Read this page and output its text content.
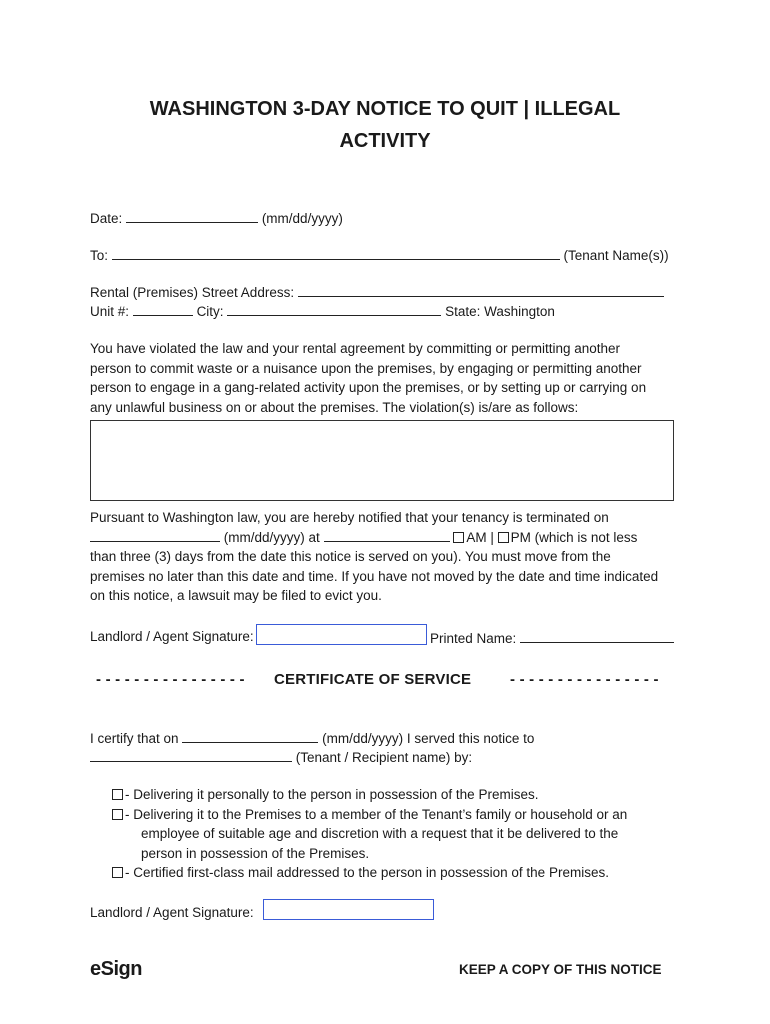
WASHINGTON 3-DAY NOTICE TO QUIT | ILLEGAL
ACTIVITY
Date:	(mm/dd/yyyy)
To:	(Tenant Name(s))
Rental (Premises) Street Address:
Unit #:	City:	State: Washington
You have violated the law and your rental agreement by committing or permitting another
person to commit waste or a nuisance upon the premises, by engaging or permitting another
person to engage in a gang-related activity upon the premises, or by setting up or carrying on
any unlawful business on or about the premises. The violation(s) is/are as follows:
Pursuant to Washington law, you are hereby notified that your tenancy is terminated on
(mm/dd/yyyy) at	AM | PM (which is not less
than three (3) days from the date this notice is served on you). You must move from the
premises no later than this date and time. If you have not moved by the date and time indicated
on this notice, a lawsuit may be filed to evict you.
Landlord / Agent Signature:	Printed Name:
- - - - - - - - - - - - - - - - CERTIFICATE OF SERVICE	- - - - - - - - - - - - - - - -
I certify that on	(mm/dd/yyyy) I served this notice to
(Tenant / Recipient name) by:
- Delivering it personally to the person in possession of the Premises.
- Delivering it to the Premises to a member of the Tenant’s family or household or an
employee of suitable age and discretion with a request that it be delivered to the
person in possession of the Premises.
- Certified first-class mail addressed to the person in possession of the Premises.
Landlord / Agent Signature:
eSign	KEEP A COPY OF THIS NOTICE
